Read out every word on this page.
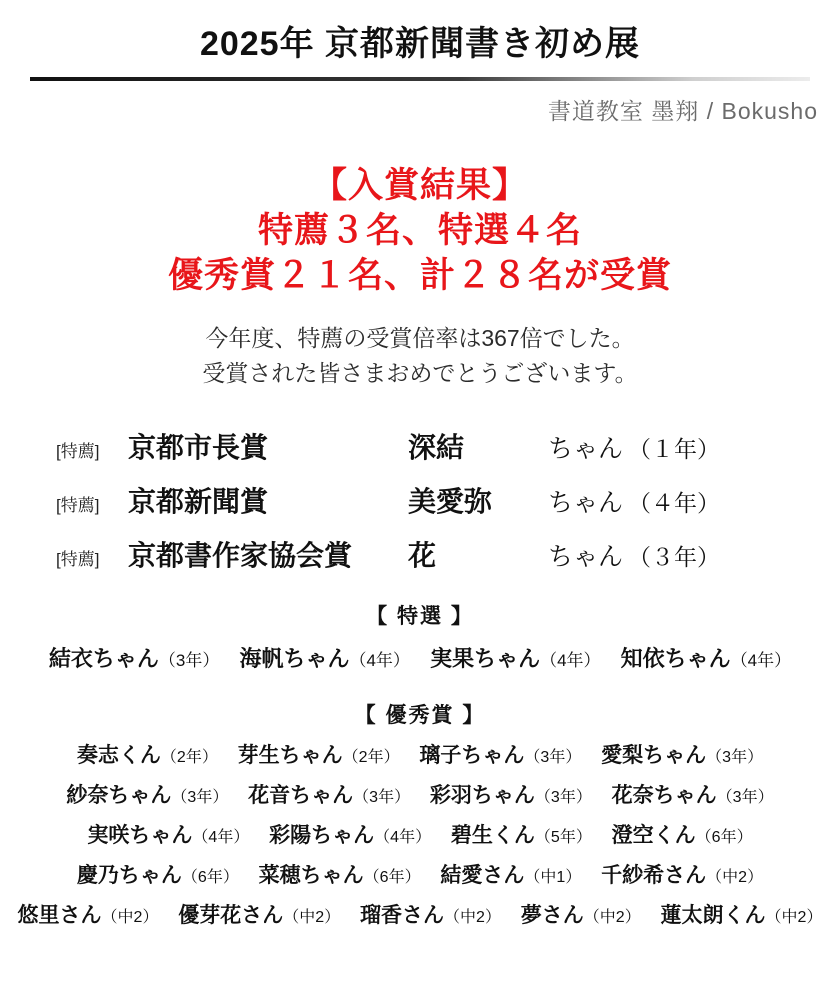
2025年 京都新聞書き初め展
書道教室 墨翔 / Bokusho
【入賞結果】
特薦３名、特選４名
優秀賞２１名、計２８名が受賞
今年度、特薦の受賞倍率は367倍でした。
受賞された皆さまおめでとうございます。
[特薦]	京都市長賞	深結	ちゃん （１年）
[特薦]	京都新聞賞	美愛弥	ちゃん （４年）
[特薦]	京都書作家協会賞	花	ちゃん （３年）
【 特選 】
結衣ちゃん（3年） 海帆ちゃん（4年） 実果ちゃん（4年） 知依ちゃん（4年）
【 優秀賞 】
奏志くん（2年） 芽生ちゃん（2年） 璃子ちゃん（3年） 愛梨ちゃん（3年）
紗奈ちゃん（3年） 花音ちゃん（3年） 彩羽ちゃん（3年） 花奈ちゃん（3年）
実咲ちゃん（4年） 彩陽ちゃん（4年） 碧生くん（5年） 澄空くん（6年）
慶乃ちゃん（6年） 菜穂ちゃん（6年） 結愛さん（中1） 千紗希さん（中2）
悠里さん（中2） 優芽花さん（中2） 瑠香さん（中2） 夢さん（中2） 蓮太朗くん（中2）
